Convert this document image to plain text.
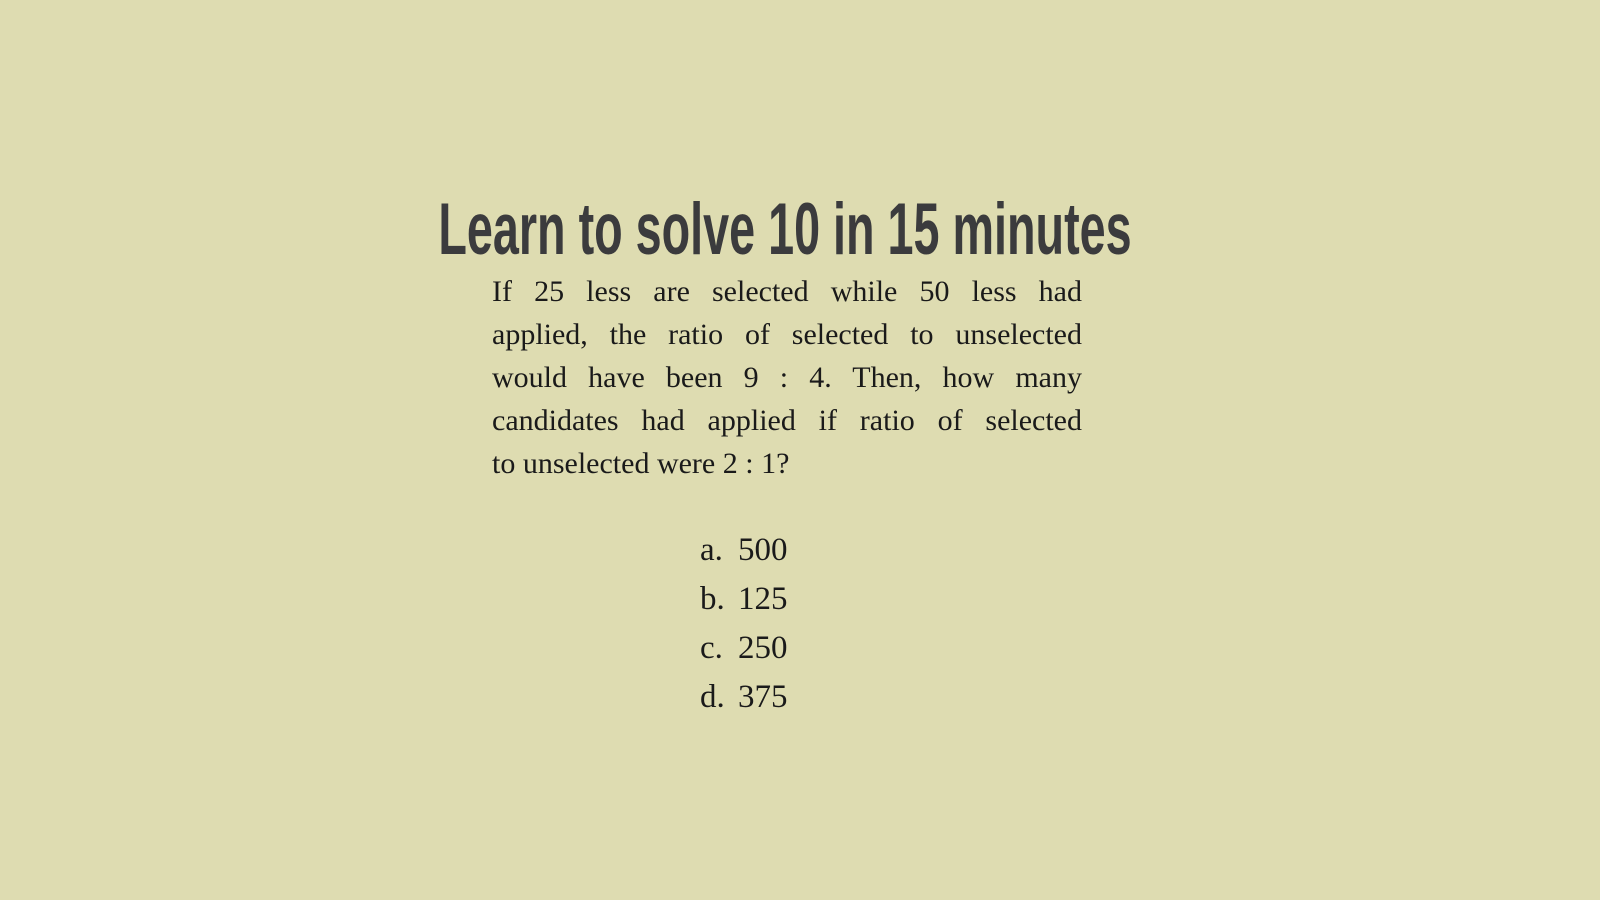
Learn to solve 10 in 15 minutes
If 25 less are selected while 50 less had
applied, the ratio of selected to unselected
would have been 9 : 4. Then, how many
candidates had applied if ratio of selected
to unselected were 2 : 1?
a. 500
b. 125
c. 250
d. 375
